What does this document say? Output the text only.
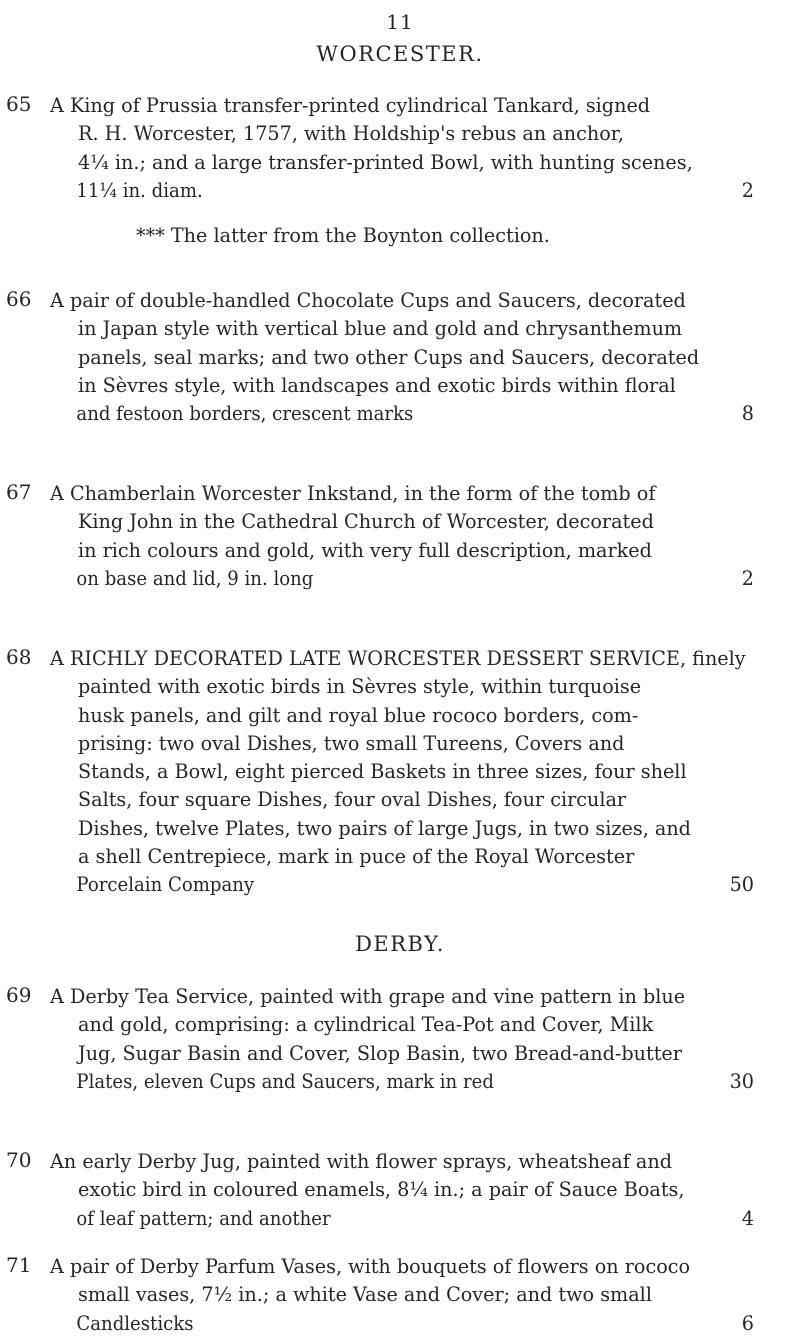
11
WORCESTER.
65 A King of Prussia transfer-printed cylindrical Tankard, signed
R. H. Worcester, 1757, with Holdship's rebus an anchor,
4¼ in.; and a large transfer-printed Bowl, with hunting scenes,
11¼ in. diam.	2
*** The latter from the Boynton collection.
66 A pair of double-handled Chocolate Cups and Saucers, decorated
in Japan style with vertical blue and gold and chrysanthemum
panels, seal marks; and two other Cups and Saucers, decorated
in Sèvres style, with landscapes and exotic birds within floral
and festoon borders, crescent marks	8
67 A Chamberlain Worcester Inkstand, in the form of the tomb of
King John in the Cathedral Church of Worcester, decorated
in rich colours and gold, with very full description, marked
on base and lid, 9 in. long	2
68 A RICHLY DECORATED LATE WORCESTER DESSERT SERVICE, finely
painted with exotic birds in Sèvres style, within turquoise
husk panels, and gilt and royal blue rococo borders, com-
prising: two oval Dishes, two small Tureens, Covers and
Stands, a Bowl, eight pierced Baskets in three sizes, four shell
Salts, four square Dishes, four oval Dishes, four circular
Dishes, twelve Plates, two pairs of large Jugs, in two sizes, and
a shell Centrepiece, mark in puce of the Royal Worcester
Porcelain Company	50
DERBY.
69 A Derby Tea Service, painted with grape and vine pattern in blue
and gold, comprising: a cylindrical Tea-Pot and Cover, Milk
Jug, Sugar Basin and Cover, Slop Basin, two Bread-and-butter
Plates, eleven Cups and Saucers, mark in red	30
70 An early Derby Jug, painted with flower sprays, wheatsheaf and
exotic bird in coloured enamels, 8¼ in.; a pair of Sauce Boats,
of leaf pattern; and another	4
71 A pair of Derby Parfum Vases, with bouquets of flowers on rococo
small vases, 7½ in.; a white Vase and Cover; and two small
Candlesticks	6
